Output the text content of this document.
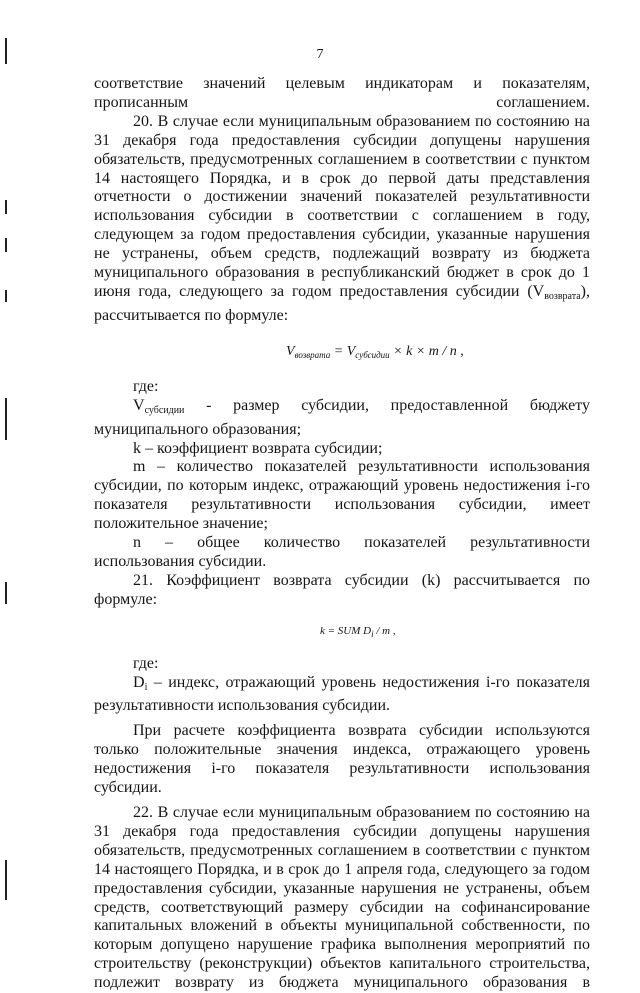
7

соответствие значений целевым индикаторам и показателям, прописанным соглашением.

20. В случае если муниципальным образованием по состоянию на 31 декабря года предоставления субсидии допущены нарушения обязательств, предусмотренных соглашением в соответствии с пунктом 14 настоящего Порядка, и в срок до первой даты представления отчетности о достижении значений показателей результативности использования субсидии в соответствии с соглашением в году, следующем за годом предоставления субсидии, указанные нарушения не устранены, объем средств, подлежащий возврату из бюджета муниципального образования в республиканский бюджет в срок до 1 июня года, следующего за годом предоставления субсидии (Vвозврата), рассчитывается по формуле:

$V_{возврата} = V_{субсидии} \times k \times m / n$ ,

где:

Vсубсидии - размер субсидии, предоставленной бюджету муниципального образования;

k – коэффициент возврата субсидии;

m – количество показателей результативности использования субсидии, по которым индекс, отражающий уровень недостижения i-го показателя результативности использования субсидии, имеет положительное значение;

n – общее количество показателей результативности использования субсидии.

21. Коэффициент возврата субсидии (k) рассчитывается по формуле:

k = SUM $D_i$ / m ,

где:

Di – индекс, отражающий уровень недостижения i-го показателя результативности использования субсидии.

При расчете коэффициента возврата субсидии используются только положительные значения индекса, отражающего уровень недостижения i-го показателя результативности использования субсидии.

22. В случае если муниципальным образованием по состоянию на 31 декабря года предоставления субсидии допущены нарушения обязательств, предусмотренных соглашением в соответствии с пунктом 14 настоящего Порядка, и в срок до 1 апреля года, следующего за годом предоставления субсидии, указанные нарушения не устранены, объем средств, соответствующий размеру субсидии на софинансирование капитальных вложений в объекты муниципальной собственности, по которым допущено нарушение графика выполнения мероприятий по строительству (реконструкции) объектов капитального строительства, подлежит возврату из бюджета муниципального образования в
